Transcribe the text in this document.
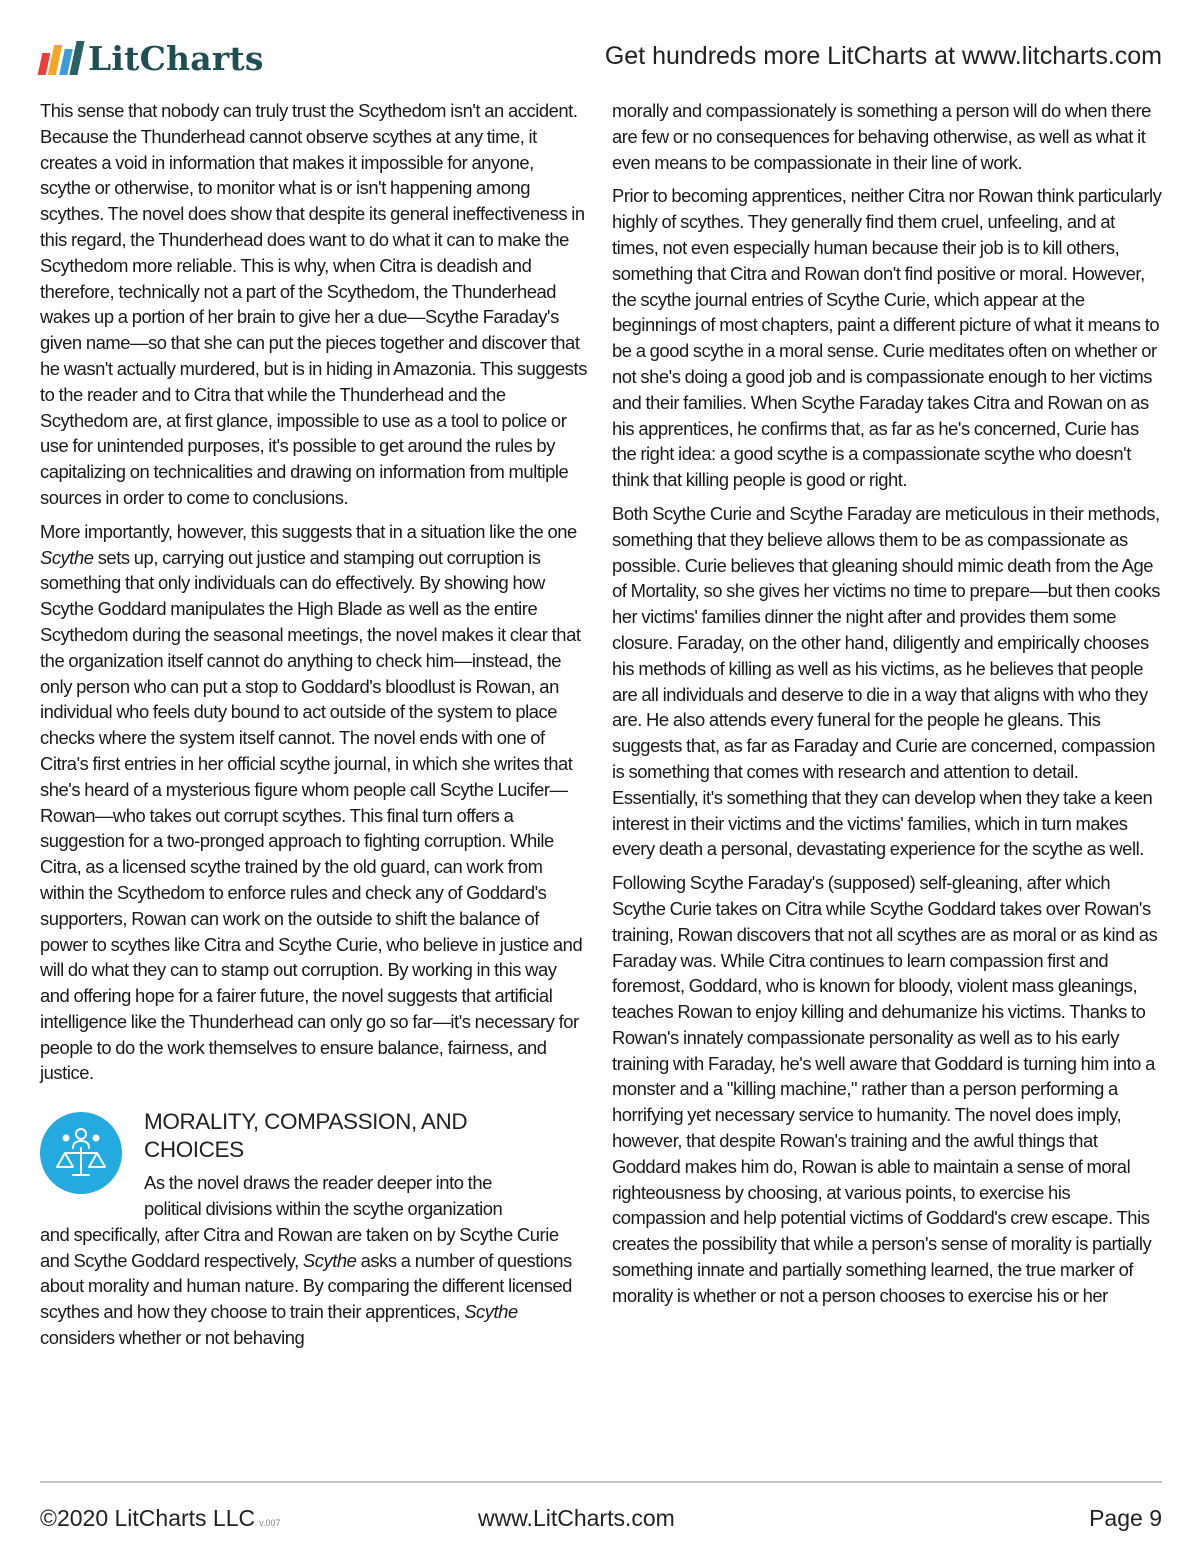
LitCharts	Get hundreds more LitCharts at www.litcharts.com

This sense that nobody can truly trust the Scythedom isn't an accident. Because the Thunderhead cannot observe scythes at any time, it creates a void in information that makes it impossible for anyone, scythe or otherwise, to monitor what is or isn't happening among scythes. The novel does show that despite its general ineffectiveness in this regard, the Thunderhead does want to do what it can to make the Scythedom more reliable. This is why, when Citra is deadish and therefore, technically not a part of the Scythedom, the Thunderhead wakes up a portion of her brain to give her a due—Scythe Faraday's given name—so that she can put the pieces together and discover that he wasn't actually murdered, but is in hiding in Amazonia. This suggests to the reader and to Citra that while the Thunderhead and the Scythedom are, at first glance, impossible to use as a tool to police or use for unintended purposes, it's possible to get around the rules by capitalizing on technicalities and drawing on information from multiple sources in order to come to conclusions.

More importantly, however, this suggests that in a situation like the one Scythe sets up, carrying out justice and stamping out corruption is something that only individuals can do effectively. By showing how Scythe Goddard manipulates the High Blade as well as the entire Scythedom during the seasonal meetings, the novel makes it clear that the organization itself cannot do anything to check him—instead, the only person who can put a stop to Goddard's bloodlust is Rowan, an individual who feels duty bound to act outside of the system to place checks where the system itself cannot. The novel ends with one of Citra's first entries in her official scythe journal, in which she writes that she's heard of a mysterious figure whom people call Scythe Lucifer—Rowan—who takes out corrupt scythes. This final turn offers a suggestion for a two-pronged approach to fighting corruption. While Citra, as a licensed scythe trained by the old guard, can work from within the Scythedom to enforce rules and check any of Goddard's supporters, Rowan can work on the outside to shift the balance of power to scythes like Citra and Scythe Curie, who believe in justice and will do what they can to stamp out corruption. By working in this way and offering hope for a fairer future, the novel suggests that artificial intelligence like the Thunderhead can only go so far—it's necessary for people to do the work themselves to ensure balance, fairness, and justice.

MORALITY, COMPASSION, AND
CHOICES
As the novel draws the reader deeper into the
political divisions within the scythe organization

and specifically, after Citra and Rowan are taken on by Scythe Curie and Scythe Goddard respectively, Scythe asks a number of questions about morality and human nature. By comparing the different licensed scythes and how they choose to train their apprentices, Scythe considers whether or not behaving

morally and compassionately is something a person will do when there are few or no consequences for behaving otherwise, as well as what it even means to be compassionate in their line of work.

Prior to becoming apprentices, neither Citra nor Rowan think particularly highly of scythes. They generally find them cruel, unfeeling, and at times, not even especially human because their job is to kill others, something that Citra and Rowan don't find positive or moral. However, the scythe journal entries of Scythe Curie, which appear at the beginnings of most chapters, paint a different picture of what it means to be a good scythe in a moral sense. Curie meditates often on whether or not she's doing a good job and is compassionate enough to her victims and their families. When Scythe Faraday takes Citra and Rowan on as his apprentices, he confirms that, as far as he's concerned, Curie has the right idea: a good scythe is a compassionate scythe who doesn't think that killing people is good or right.

Both Scythe Curie and Scythe Faraday are meticulous in their methods, something that they believe allows them to be as compassionate as possible. Curie believes that gleaning should mimic death from the Age of Mortality, so she gives her victims no time to prepare—but then cooks her victims' families dinner the night after and provides them some closure. Faraday, on the other hand, diligently and empirically chooses his methods of killing as well as his victims, as he believes that people are all individuals and deserve to die in a way that aligns with who they are. He also attends every funeral for the people he gleans. This suggests that, as far as Faraday and Curie are concerned, compassion is something that comes with research and attention to detail. Essentially, it's something that they can develop when they take a keen interest in their victims and the victims' families, which in turn makes every death a personal, devastating experience for the scythe as well.

Following Scythe Faraday's (supposed) self-gleaning, after which Scythe Curie takes on Citra while Scythe Goddard takes over Rowan's training, Rowan discovers that not all scythes are as moral or as kind as Faraday was. While Citra continues to learn compassion first and foremost, Goddard, who is known for bloody, violent mass gleanings, teaches Rowan to enjoy killing and dehumanize his victims. Thanks to Rowan's innately compassionate personality as well as to his early training with Faraday, he's well aware that Goddard is turning him into a monster and a "killing machine," rather than a person performing a horrifying yet necessary service to humanity. The novel does imply, however, that despite Rowan's training and the awful things that Goddard makes him do, Rowan is able to maintain a sense of moral righteousness by choosing, at various points, to exercise his compassion and help potential victims of Goddard's crew escape. This creates the possibility that while a person's sense of morality is partially something innate and partially something learned, the true marker of morality is whether or not a person chooses to exercise his or her

©2020 LitCharts LLC v.007	www.LitCharts.com	Page 9
